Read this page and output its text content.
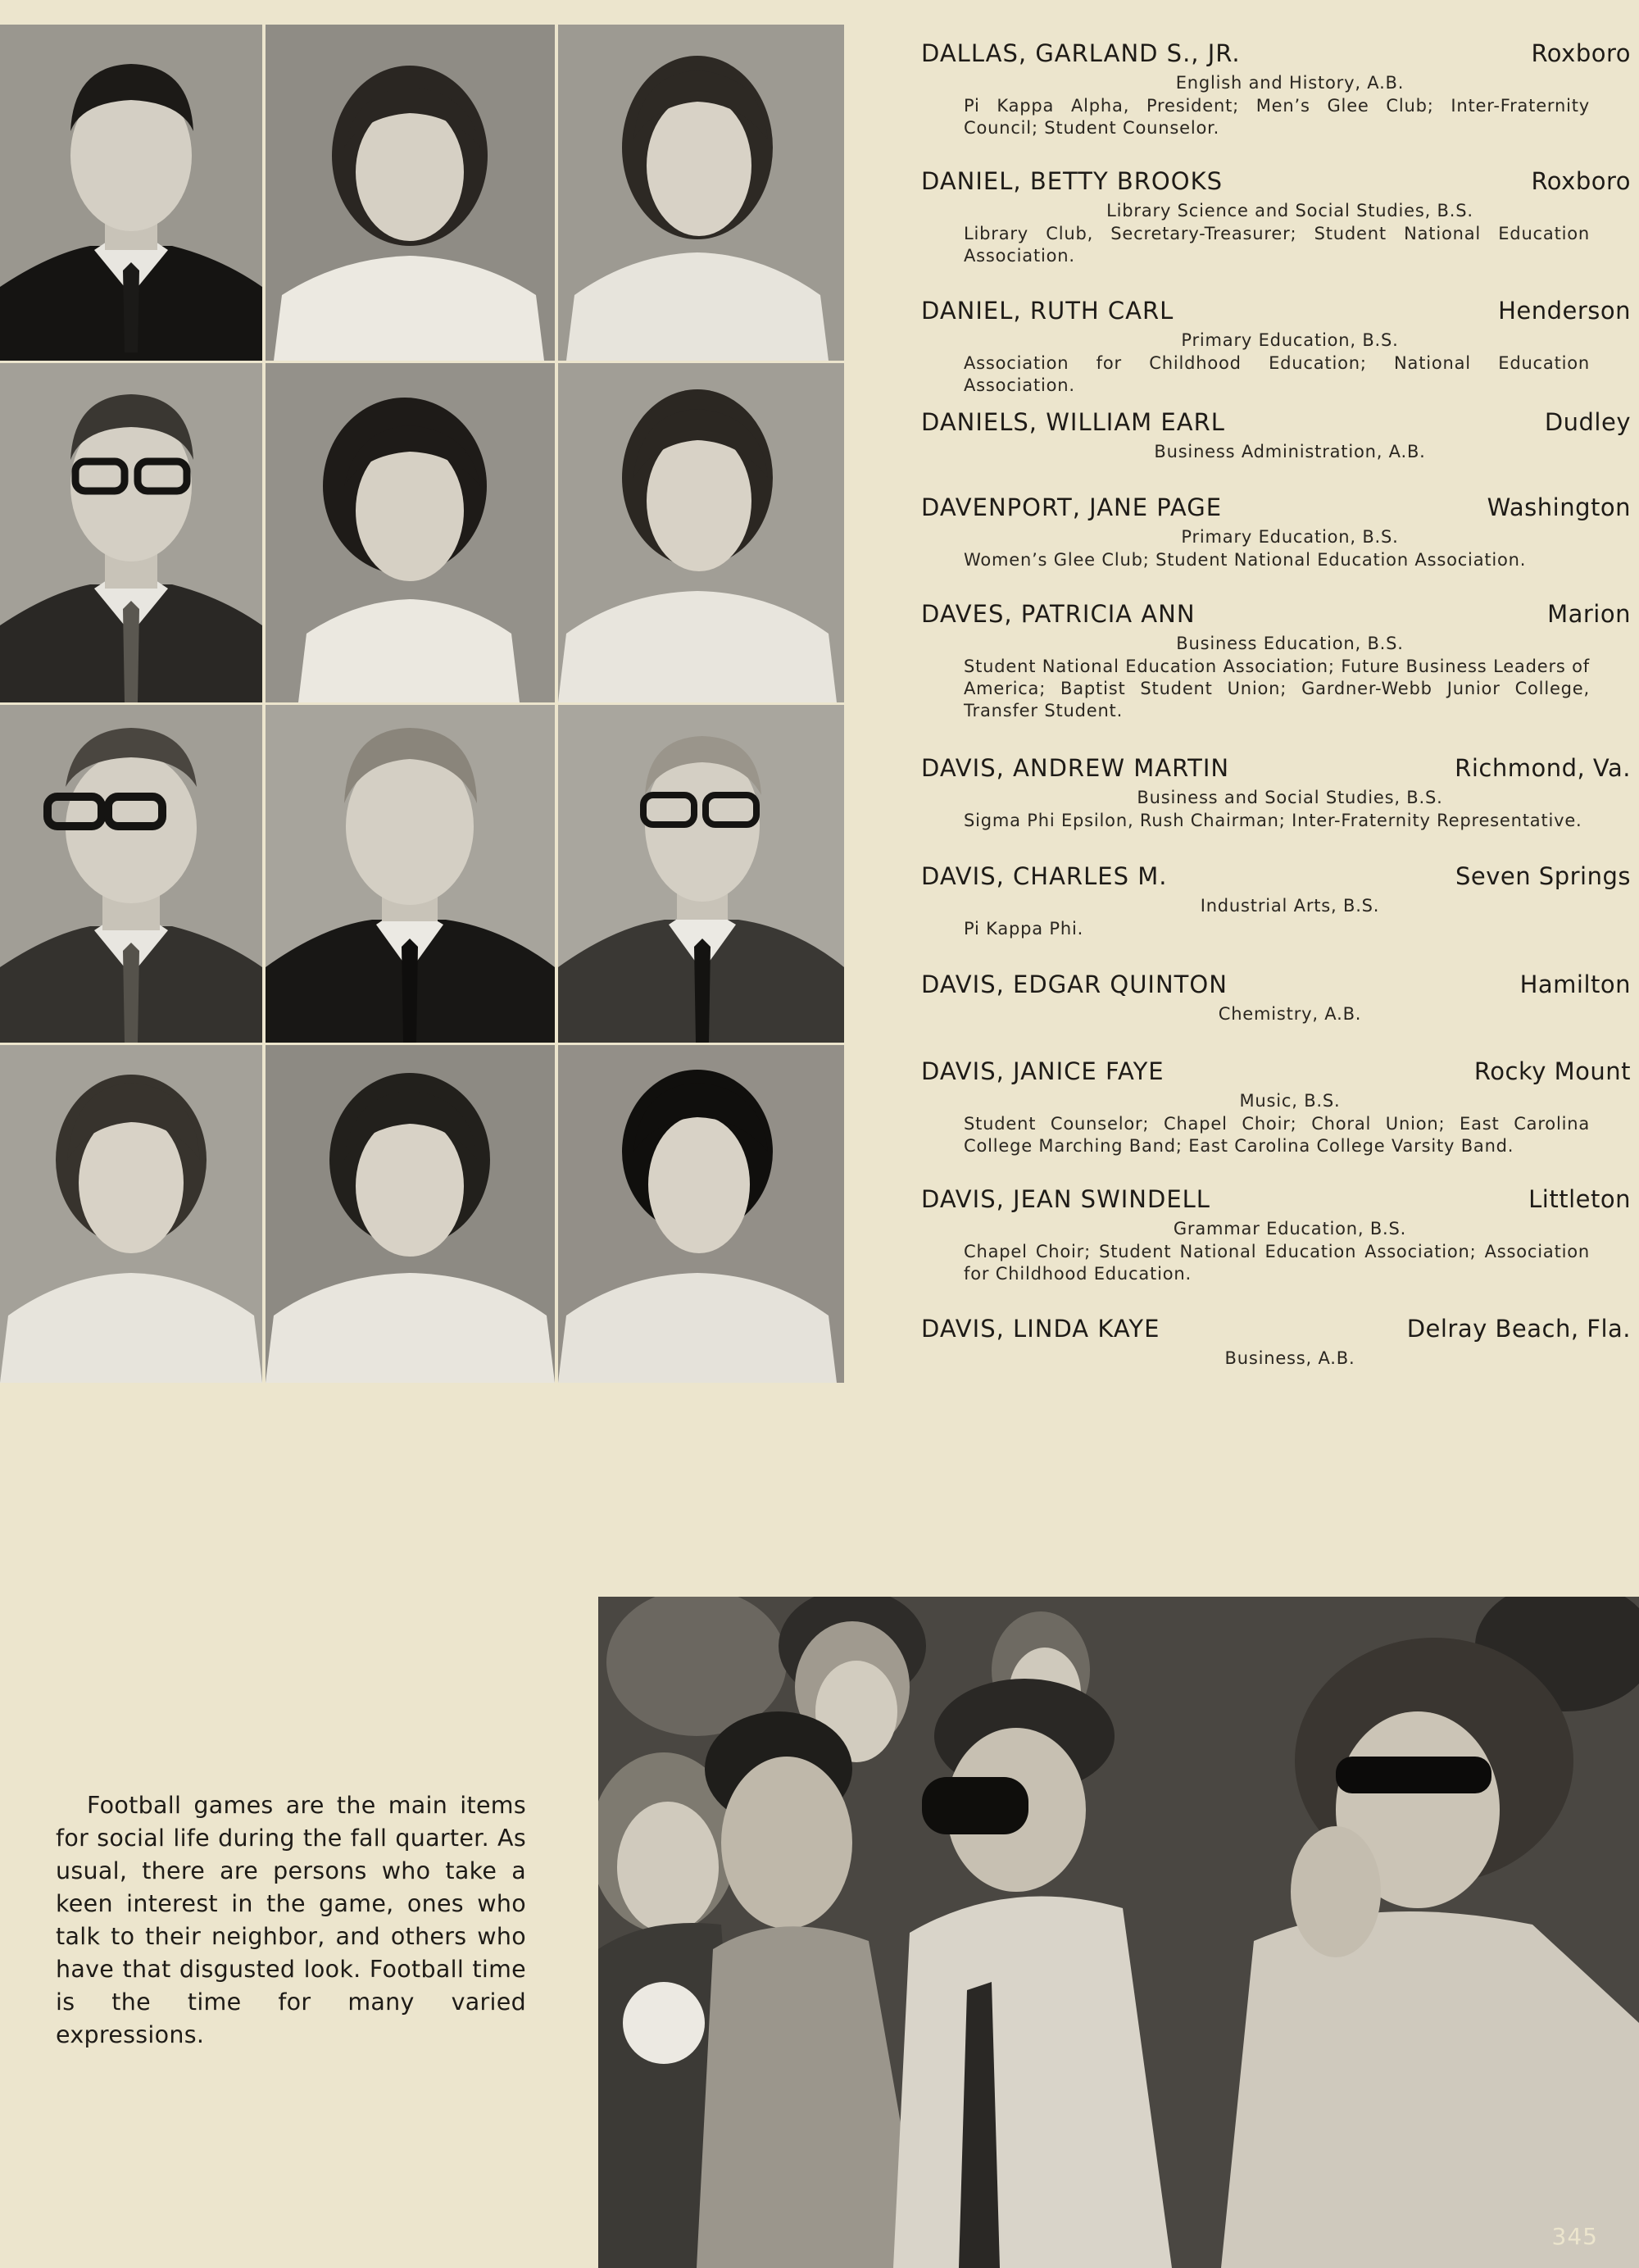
DALLAS, GARLAND S., JR.	Roxboro
English and History, A.B.
Pi Kappa Alpha, President; Men’s Glee Club; Inter-Fraternity Council; Student Counselor.
DANIEL, BETTY BROOKS	Roxboro
Library Science and Social Studies, B.S.
Library Club, Secretary-Treasurer; Student National Education Association.
DANIEL, RUTH CARL	Henderson
Primary Education, B.S.
Association for Childhood Education; National Education Association.
DANIELS, WILLIAM EARL	Dudley
Business Administration, A.B.
DAVENPORT, JANE PAGE	Washington
Primary Education, B.S.
Women’s Glee Club; Student National Education Association.
DAVES, PATRICIA ANN	Marion
Business Education, B.S.
Student National Education Association; Future Business Leaders of America; Baptist Student Union; Gardner-Webb Junior College, Transfer Student.
DAVIS, ANDREW MARTIN	Richmond, Va.
Business and Social Studies, B.S.
Sigma Phi Epsilon, Rush Chairman; Inter-Fraternity Representative.
DAVIS, CHARLES M.	Seven Springs
Industrial Arts, B.S.
Pi Kappa Phi.
DAVIS, EDGAR QUINTON	Hamilton
Chemistry, A.B.
DAVIS, JANICE FAYE	Rocky Mount
Music, B.S.
Student Counselor; Chapel Choir; Choral Union; East Carolina College Marching Band; East Carolina College Varsity Band.
DAVIS, JEAN SWINDELL	Littleton
Grammar Education, B.S.
Chapel Choir; Student National Education Association; Association for Childhood Education.
DAVIS, LINDA KAYE	Delray Beach, Fla.
Business, A.B.
Football games are the main items for social life during the fall quarter. As usual, there are persons who take a keen interest in the game, ones who talk to their neighbor, and others who have that disgusted look. Football time is the time for many varied expressions.
345
